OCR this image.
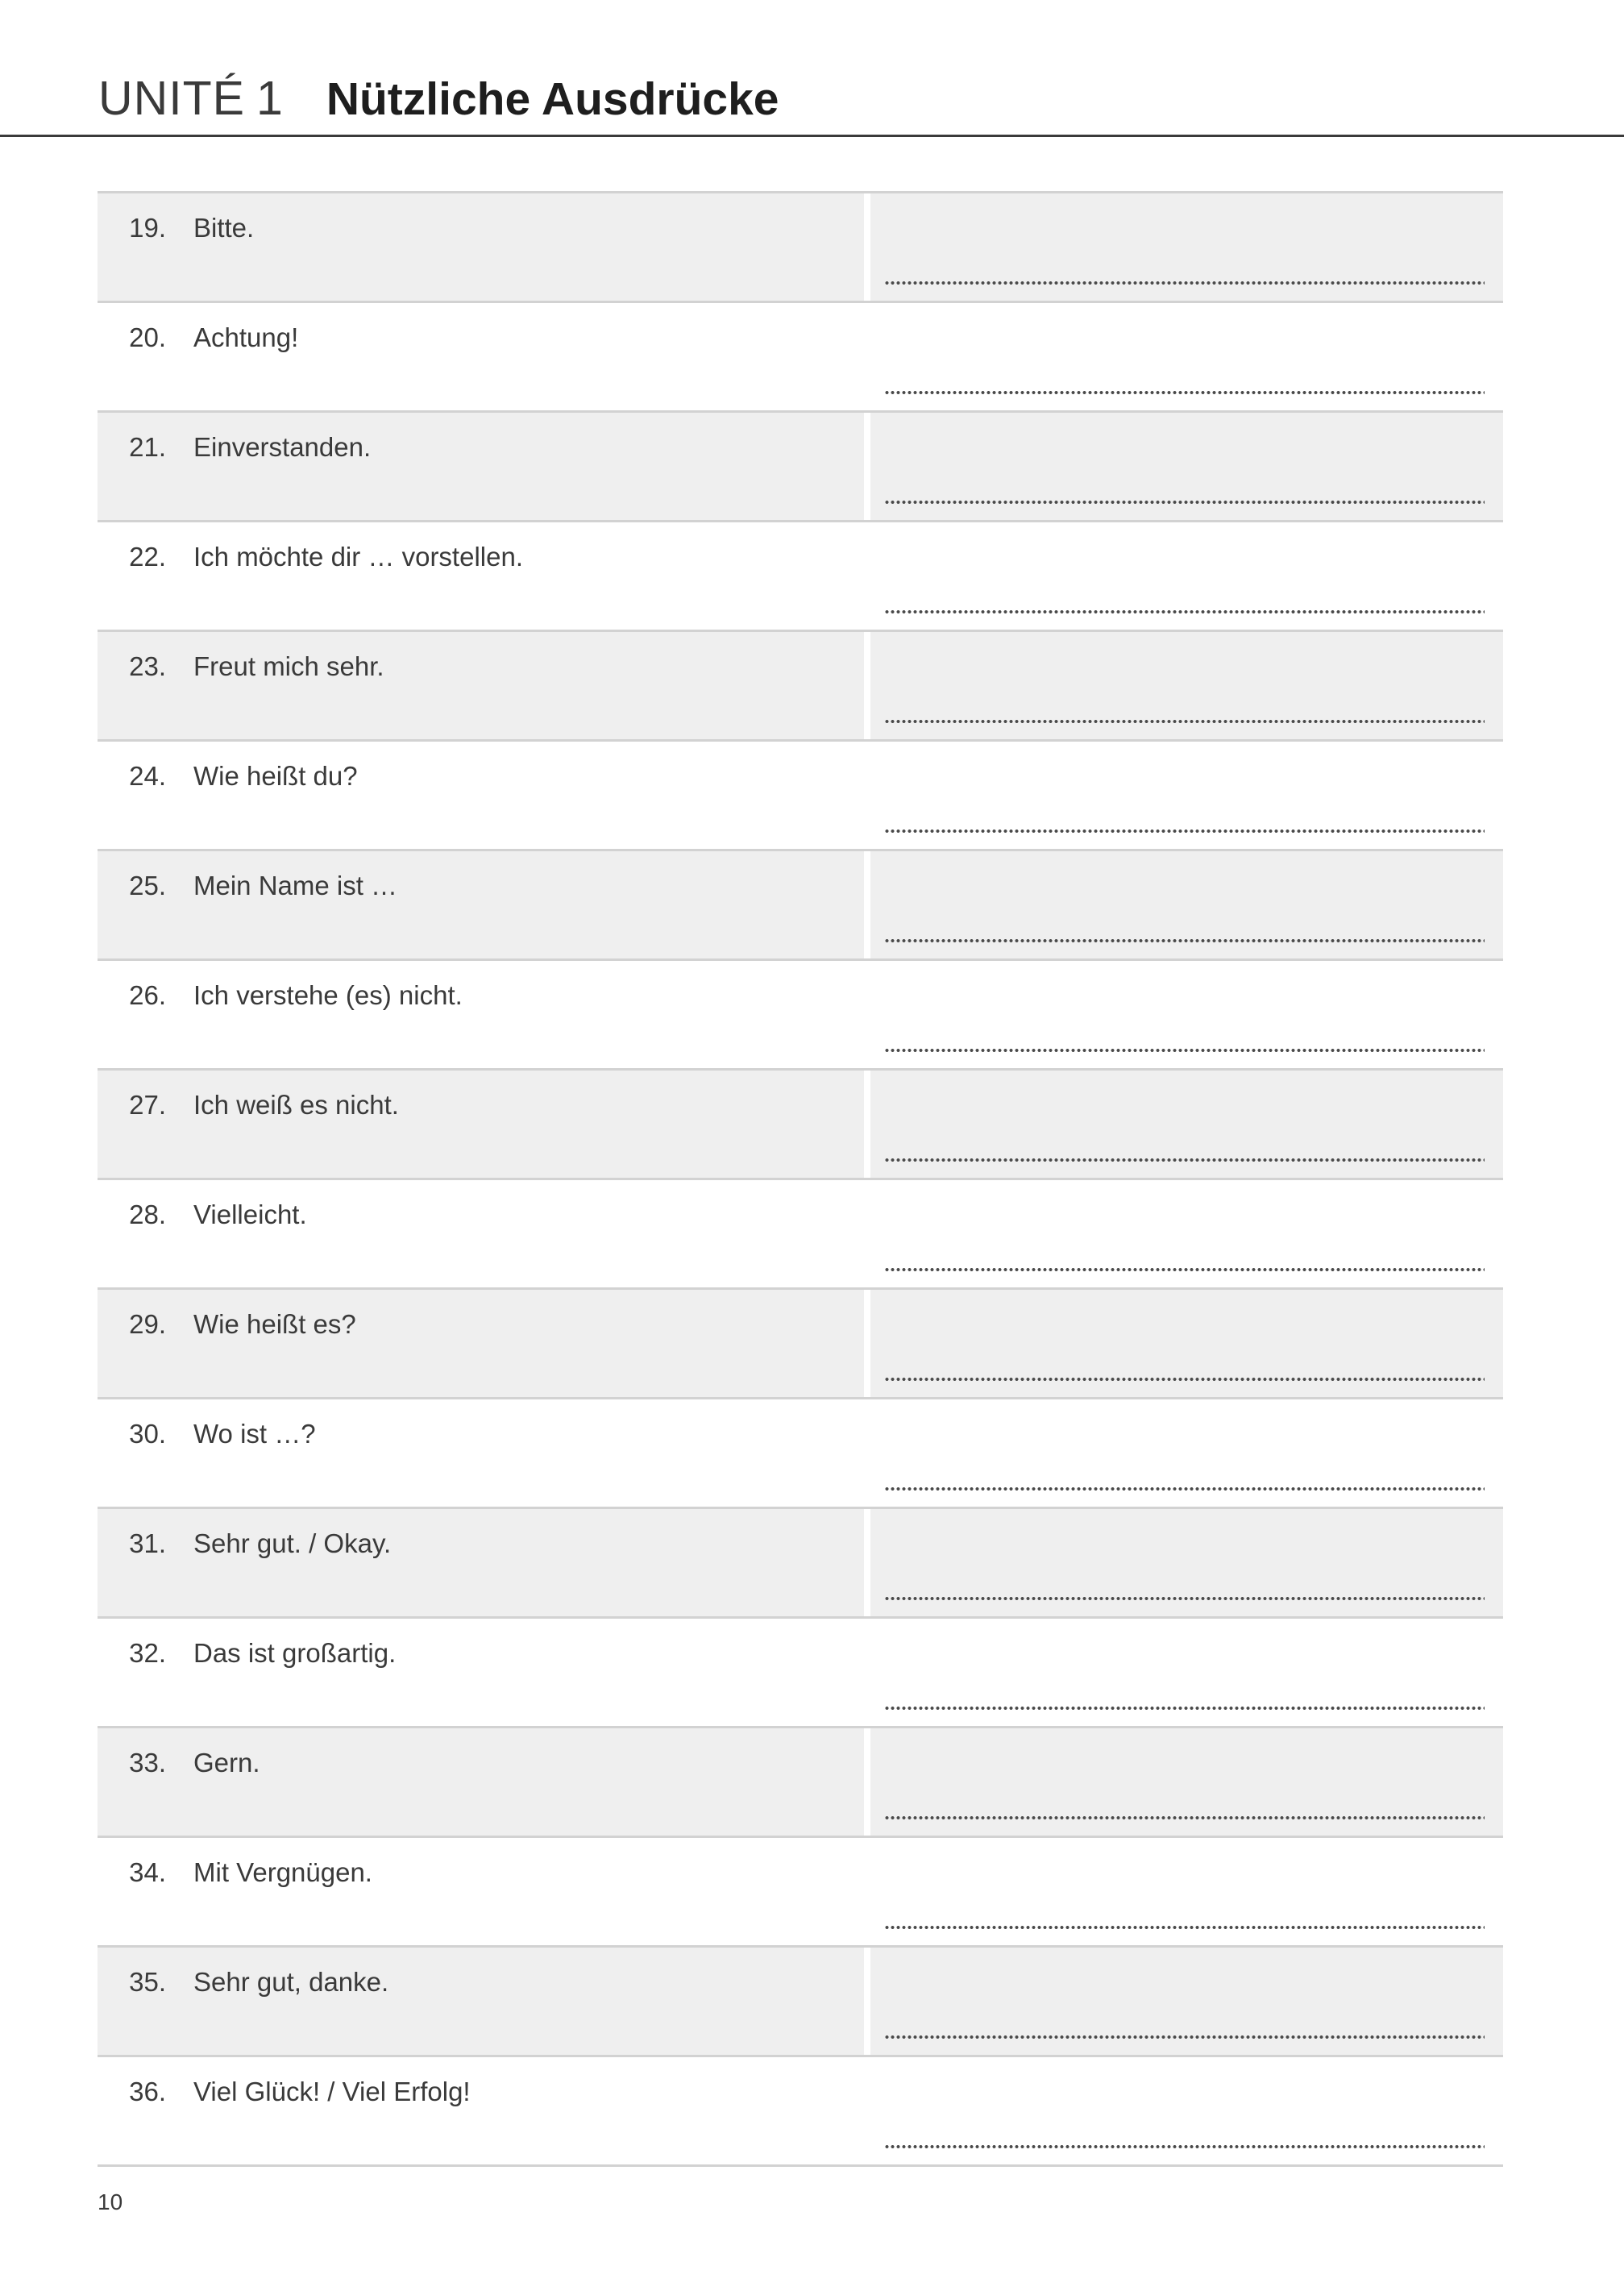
UNITÉ 1 Nützliche Ausdrücke
19. Bitte.
20. Achtung!
21. Einverstanden.
22. Ich möchte dir … vorstellen.
23. Freut mich sehr.
24. Wie heißt du?
25. Mein Name ist …
26. Ich verstehe (es) nicht.
27. Ich weiß es nicht.
28. Vielleicht.
29. Wie heißt es?
30. Wo ist …?
31. Sehr gut. / Okay.
32. Das ist großartig.
33. Gern.
34. Mit Vergnügen.
35. Sehr gut, danke.
36. Viel Glück! / Viel Erfolg!
10
